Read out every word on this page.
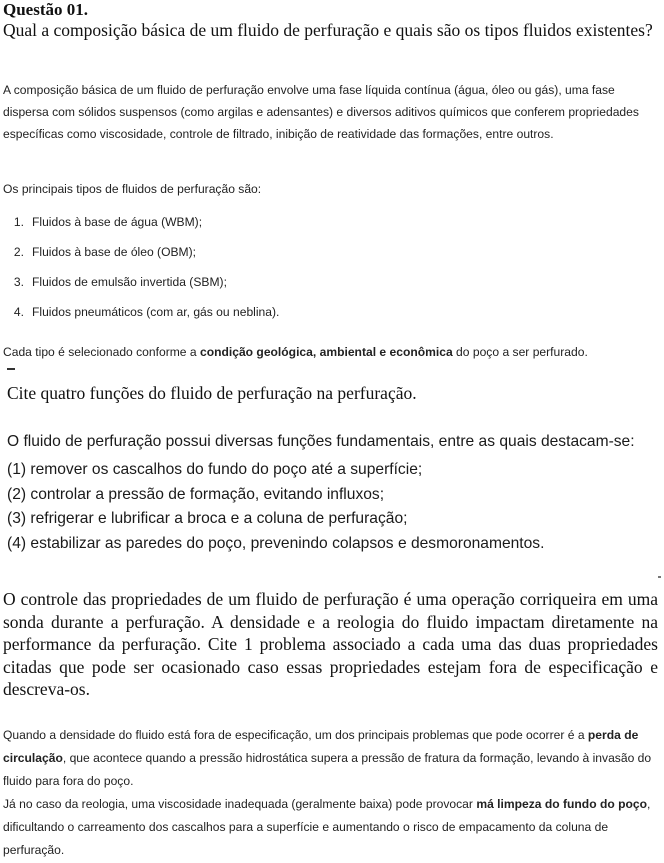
Questão 01.
Qual a composição básica de um fluido de perfuração e quais são os tipos fluidos existentes?

A composição básica de um fluido de perfuração envolve uma fase líquida contínua (água, óleo ou gás), uma fase dispersa com sólidos suspensos (como argilas e adensantes) e diversos aditivos químicos que conferem propriedades específicas como viscosidade, controle de filtrado, inibição de reatividade das formações, entre outros.

Os principais tipos de fluidos de perfuração são:

1. Fluidos à base de água (WBM);
2. Fluidos à base de óleo (OBM);
3. Fluidos de emulsão invertida (SBM);
4. Fluidos pneumáticos (com ar, gás ou neblina).

Cada tipo é selecionado conforme a condição geológica, ambiental e econômica do poço a ser perfurado.

Cite quatro funções do fluido de perfuração na perfuração.
O fluido de perfuração possui diversas funções fundamentais, entre as quais destacam-se:
(1) remover os cascalhos do fundo do poço até a superfície;
(2) controlar a pressão de formação, evitando influxos;
(3) refrigerar e lubrificar a broca e a coluna de perfuração;
(4) estabilizar as paredes do poço, prevenindo colapsos e desmoronamentos.
O controle das propriedades de um fluido de perfuração é uma operação corriqueira em uma sonda durante a perfuração. A densidade e a reologia do fluido impactam diretamente na performance da perfuração. Cite 1 problema associado a cada uma das duas propriedades citadas que pode ser ocasionado caso essas propriedades estejam fora de especificação e descreva-os.

Quando a densidade do fluido está fora de especificação, um dos principais problemas que pode ocorrer é a perda de circulação, que acontece quando a pressão hidrostática supera a pressão de fratura da formação, levando à invasão do fluido para fora do poço.

Já no caso da reologia, uma viscosidade inadequada (geralmente baixa) pode provocar má limpeza do fundo do poço, dificultando o carreamento dos cascalhos para a superfície e aumentando o risco de empacamento da coluna de perfuração.
